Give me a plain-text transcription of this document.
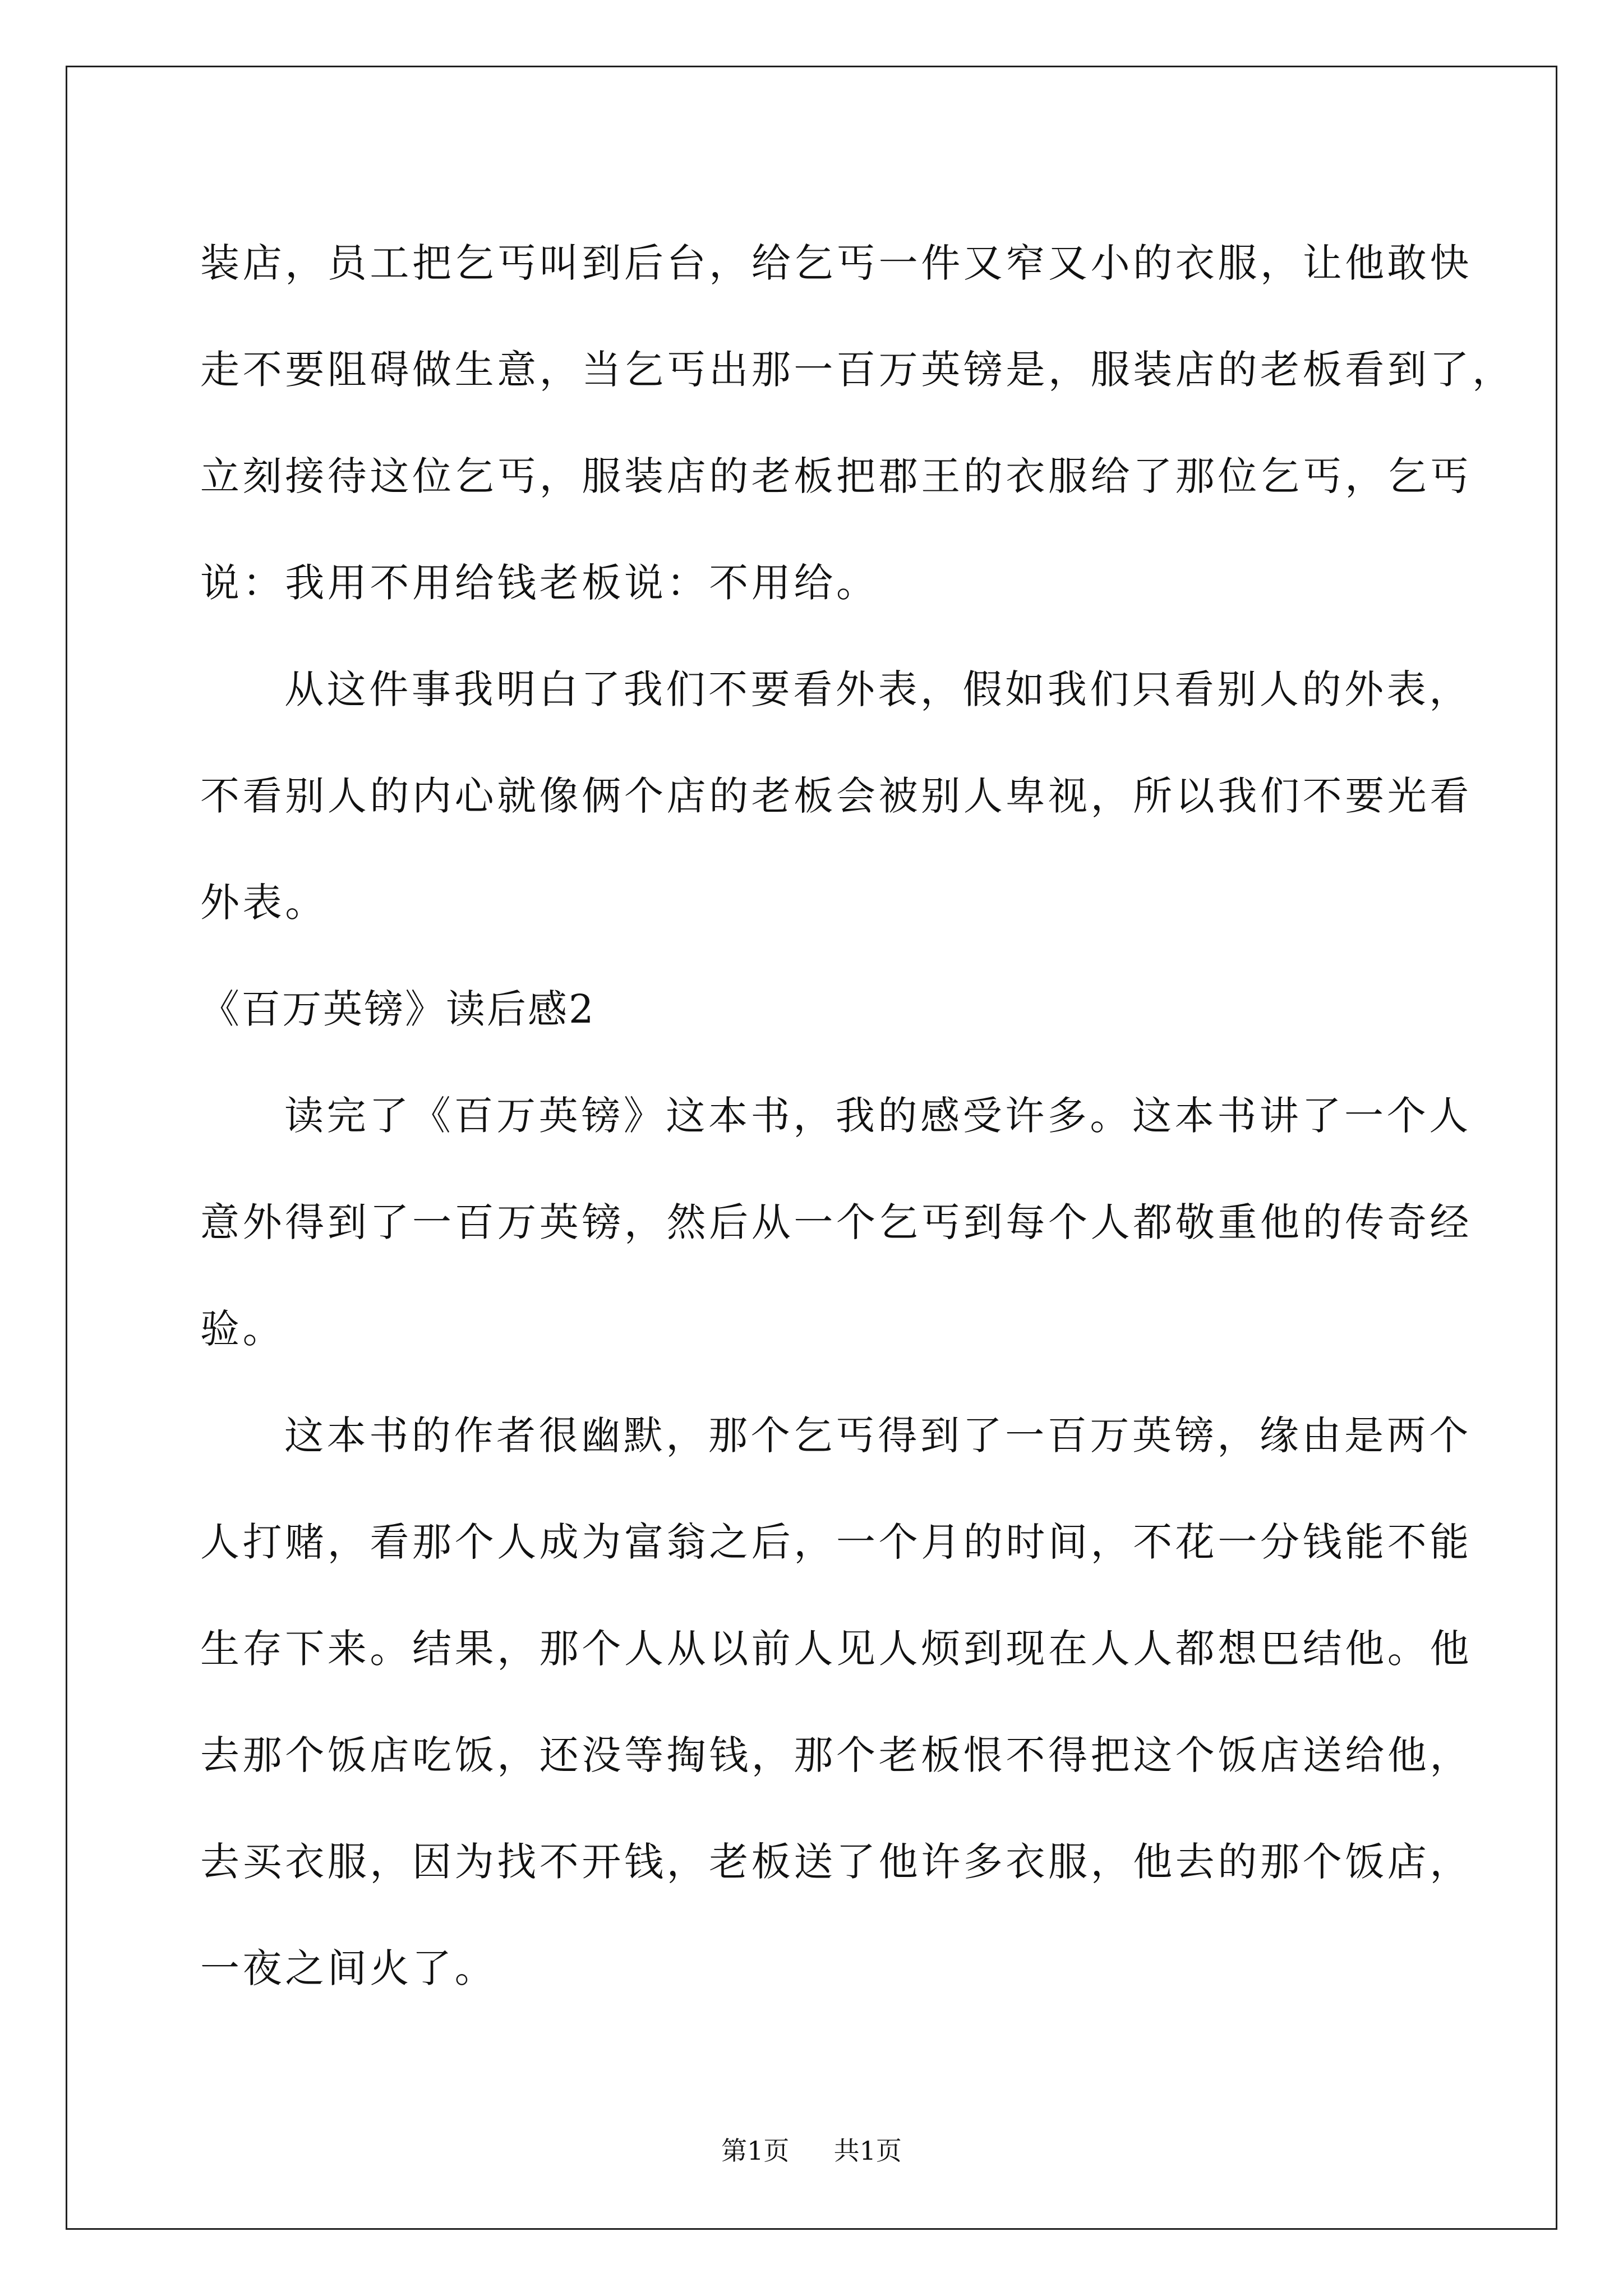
装店，员工把乞丐叫到后台，给乞丐一件又窄又小的衣服，让他敢快
走不要阻碍做生意，当乞丐出那一百万英镑是，服装店的老板看到了，
立刻接待这位乞丐，服装店的老板把郡王的衣服给了那位乞丐，乞丐
说：我用不用给钱老板说：不用给。

从这件事我明白了我们不要看外表，假如我们只看别人的外表，
不看别人的内心就像俩个店的老板会被别人卑视，所以我们不要光看
外表。

《百万英镑》读后感2

读完了《百万英镑》这本书，我的感受许多。这本书讲了一个人
意外得到了一百万英镑，然后从一个乞丐到每个人都敬重他的传奇经
验。

这本书的作者很幽默，那个乞丐得到了一百万英镑，缘由是两个
人打赌，看那个人成为富翁之后，一个月的时间，不花一分钱能不能
生存下来。结果，那个人从以前人见人烦到现在人人都想巴结他。他
去那个饭店吃饭，还没等掏钱，那个老板恨不得把这个饭店送给他，
去买衣服，因为找不开钱，老板送了他许多衣服，他去的那个饭店，
一夜之间火了。

第1页 共1页
